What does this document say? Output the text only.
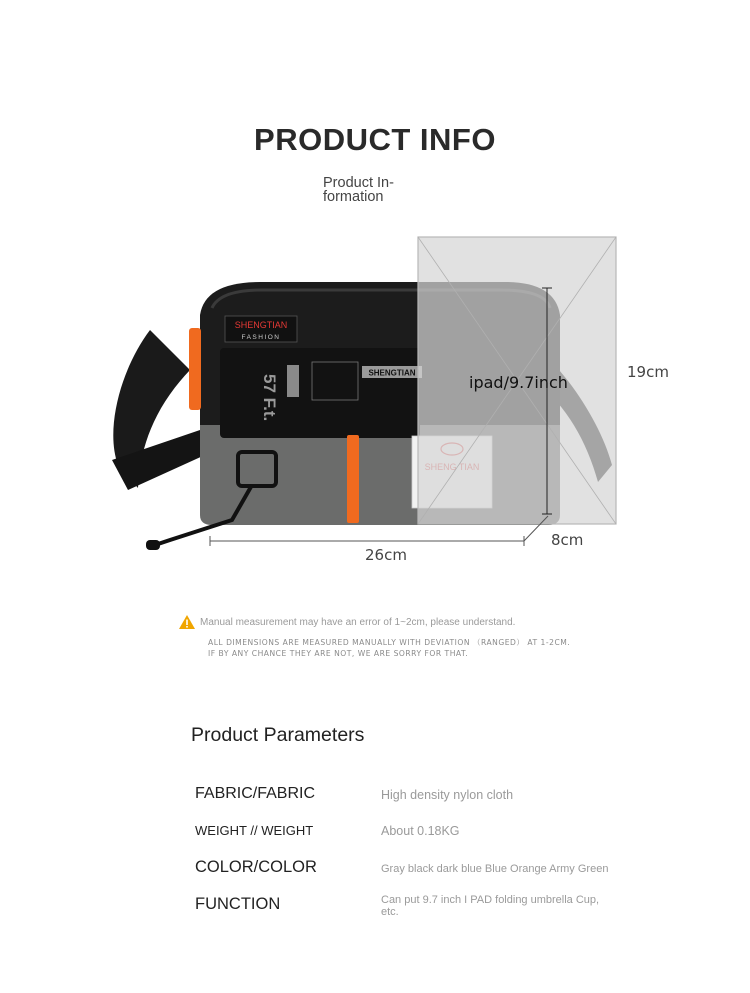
PRODUCT INFO
Product In-
formation
SHENGTIAN
FASHION
57 F.t.
SHENGTIAN	ipad/9.7inch
19cm
26cm
8cm
Manual measurement may have an error of 1~2cm, please understand.
ALL DIMENSIONS ARE MEASURED MANUALLY WITH DEVIATION （RANGED） AT 1-2CM.
IF BY ANY CHANCE THEY ARE NOT, WE ARE SORRY FOR THAT.
Product Parameters
FABRIC/FABRIC	High density nylon cloth
WEIGHT // WEIGHT	About 0.18KG
COLOR/COLOR	Gray black dark blue Blue Orange Army Green
FUNCTION	Can put 9.7 inch I PAD folding umbrella Cup, etc.
